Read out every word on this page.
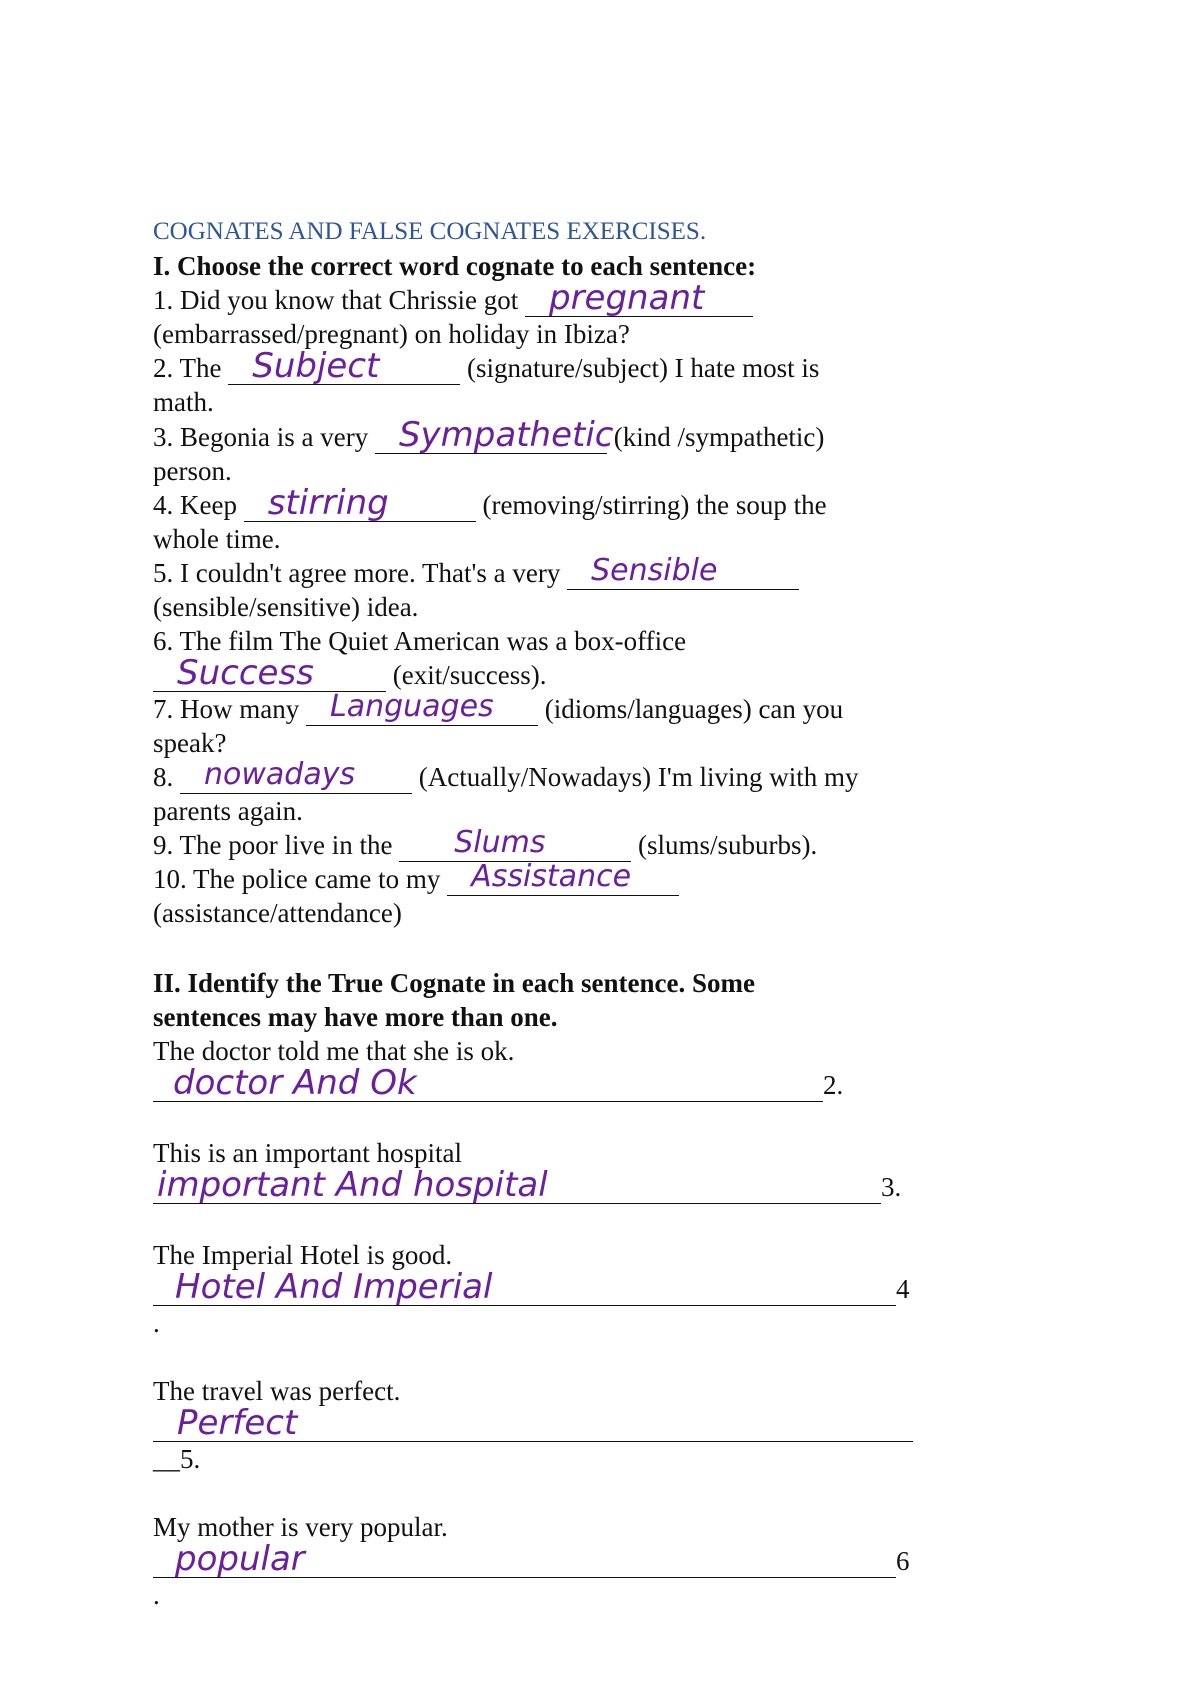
COGNATES AND FALSE COGNATES EXERCISES.
I. Choose the correct word cognate to each sentence:
1. Did you know that Chrissie got pregnant
(embarrassed/pregnant) on holiday in Ibiza?
2. The Subject	(signature/subject) I hate most is
math.
3. Begonia is a very Sympathetic
(kind /sympathetic)
person.
4. Keep stirring	(removing/stirring) the soup the
whole time.
5. I couldn't agree more. That's a very Sensible
(sensible/sensitive) idea.
6. The film The Quiet American was a box-office
Success	(exit/success).
7. How many Languages (idioms/languages) can you
speak?
8. nowadays (Actually/Nowadays) I'm living with my
parents again.
9. The poor live in the Slums	(slums/suburbs).
10. The police came to my Assistance
(assistance/attendance)
II. Identify the True Cognate in each sentence. Some
sentences may have more than one.
The doctor told me that she is ok.
doctor And Ok	2.
This is an important hospital
important And hospital	3.
The Imperial Hotel is good.
Hotel And Imperial	4
.
The travel was perfect.
Perfect
__5.
My mother is very popular.
popular	6
.
